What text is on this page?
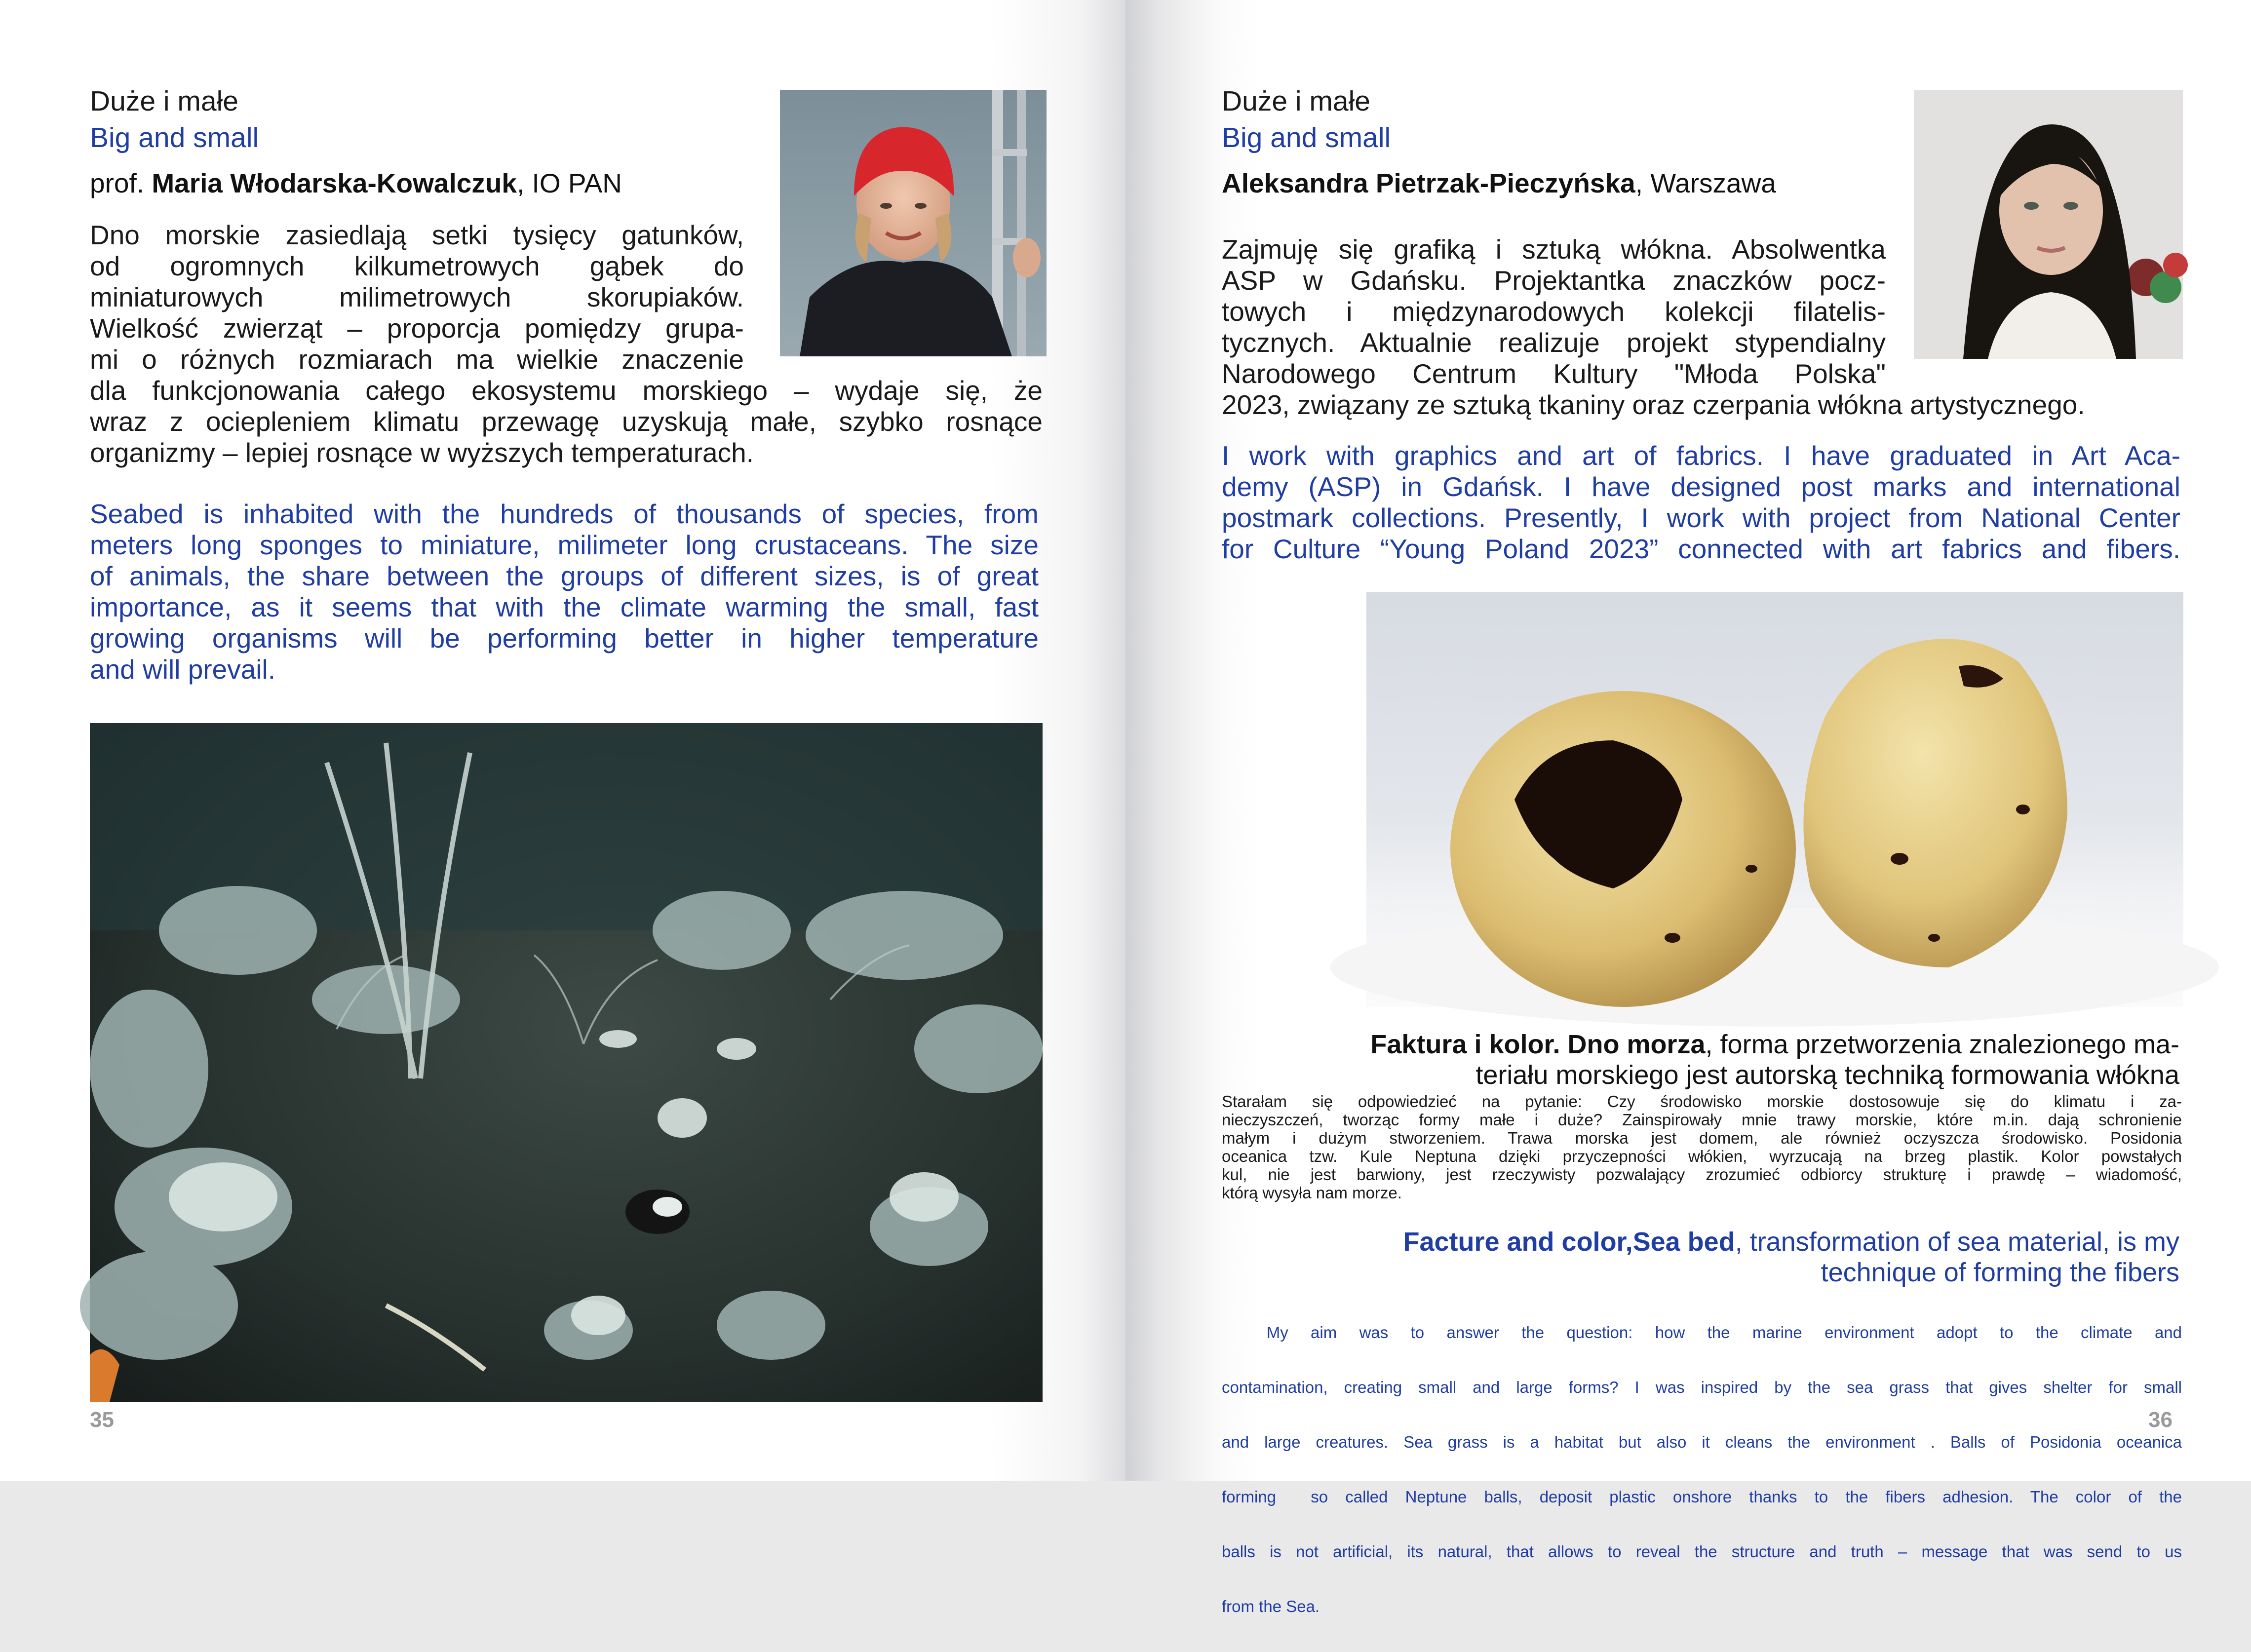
Duże i małe
Big and small
prof. Maria Włodarska-Kowalczuk, IO PAN
Dno morskie zasiedlają setki tysięcy gatunków,
od ogromnych kilkumetrowych gąbek do
miniaturowych milimetrowych skorupiaków.
Wielkość zwierząt – proporcja pomiędzy grupa-
mi o różnych rozmiarach ma wielkie znaczenie
dla funkcjonowania całego ekosystemu morskiego – wydaje się, że
wraz z ociepleniem klimatu przewagę uzyskują małe, szybko rosnące
organizmy – lepiej rosnące w wyższych temperaturach.
Seabed is inhabited with the hundreds of thousands of species, from
meters long sponges to miniature, milimeter long crustaceans. The size
of animals, the share between the groups of different sizes, is of great
importance, as it seems that with the climate warming the small, fast
growing organisms will be performing better in higher temperature
and will prevail.
35
Duże i małe
Big and small
Aleksandra Pietrzak-Pieczyńska, Warszawa
Zajmuję się grafiką i sztuką włókna. Absolwentka
ASP w Gdańsku. Projektantka znaczków pocz-
towych i międzynarodowych kolekcji filatelis-
tycznych. Aktualnie realizuje projekt stypendialny
Narodowego Centrum Kultury "Młoda Polska"
2023, związany ze sztuką tkaniny oraz czerpania włókna artystycznego.
I work with graphics and art of fabrics. I have graduated in Art Aca-
demy (ASP) in Gdańsk. I have designed post marks and international
postmark collections. Presently, I work with project from National Center
for Culture “Young Poland 2023” connected with art fabrics and fibers.
Faktura i kolor. Dno morza, forma przetworzenia znalezionego ma-
teriału morskiego jest autorską techniką formowania włókna
Starałam się odpowiedzieć na pytanie: Czy środowisko morskie dostosowuje się do klimatu i za-
nieczyszczeń, tworząc formy małe i duże? Zainspirowały mnie trawy morskie, które m.in. dają schronienie
małym i dużym stworzeniem. Trawa morska jest domem, ale również oczyszcza środowisko. Posidonia
oceanica tzw. Kule Neptuna dzięki przyczepności włókien, wyrzucają na brzeg plastik. Kolor powstałych
kul, nie jest barwiony, jest rzeczywisty pozwalający zrozumieć odbiorcy strukturę i prawdę – wiadomość,
którą wysyła nam morze.
Facture and color,Sea bed, transformation of sea material, is my
technique of forming the fibers

My aim was to answer the question: how the marine environment adopt to the climate and

contamination, creating small and large forms? I was inspired by the sea grass that gives shelter for small

and large creatures. Sea grass is a habitat but also it cleans the environment . Balls of Posidonia oceanica

forming  so called Neptune balls, deposit plastic onshore thanks to the fibers adhesion. The color of the

balls is not artificial, its natural, that allows to reveal the structure and truth – message that was send to us

from the Sea.

36
